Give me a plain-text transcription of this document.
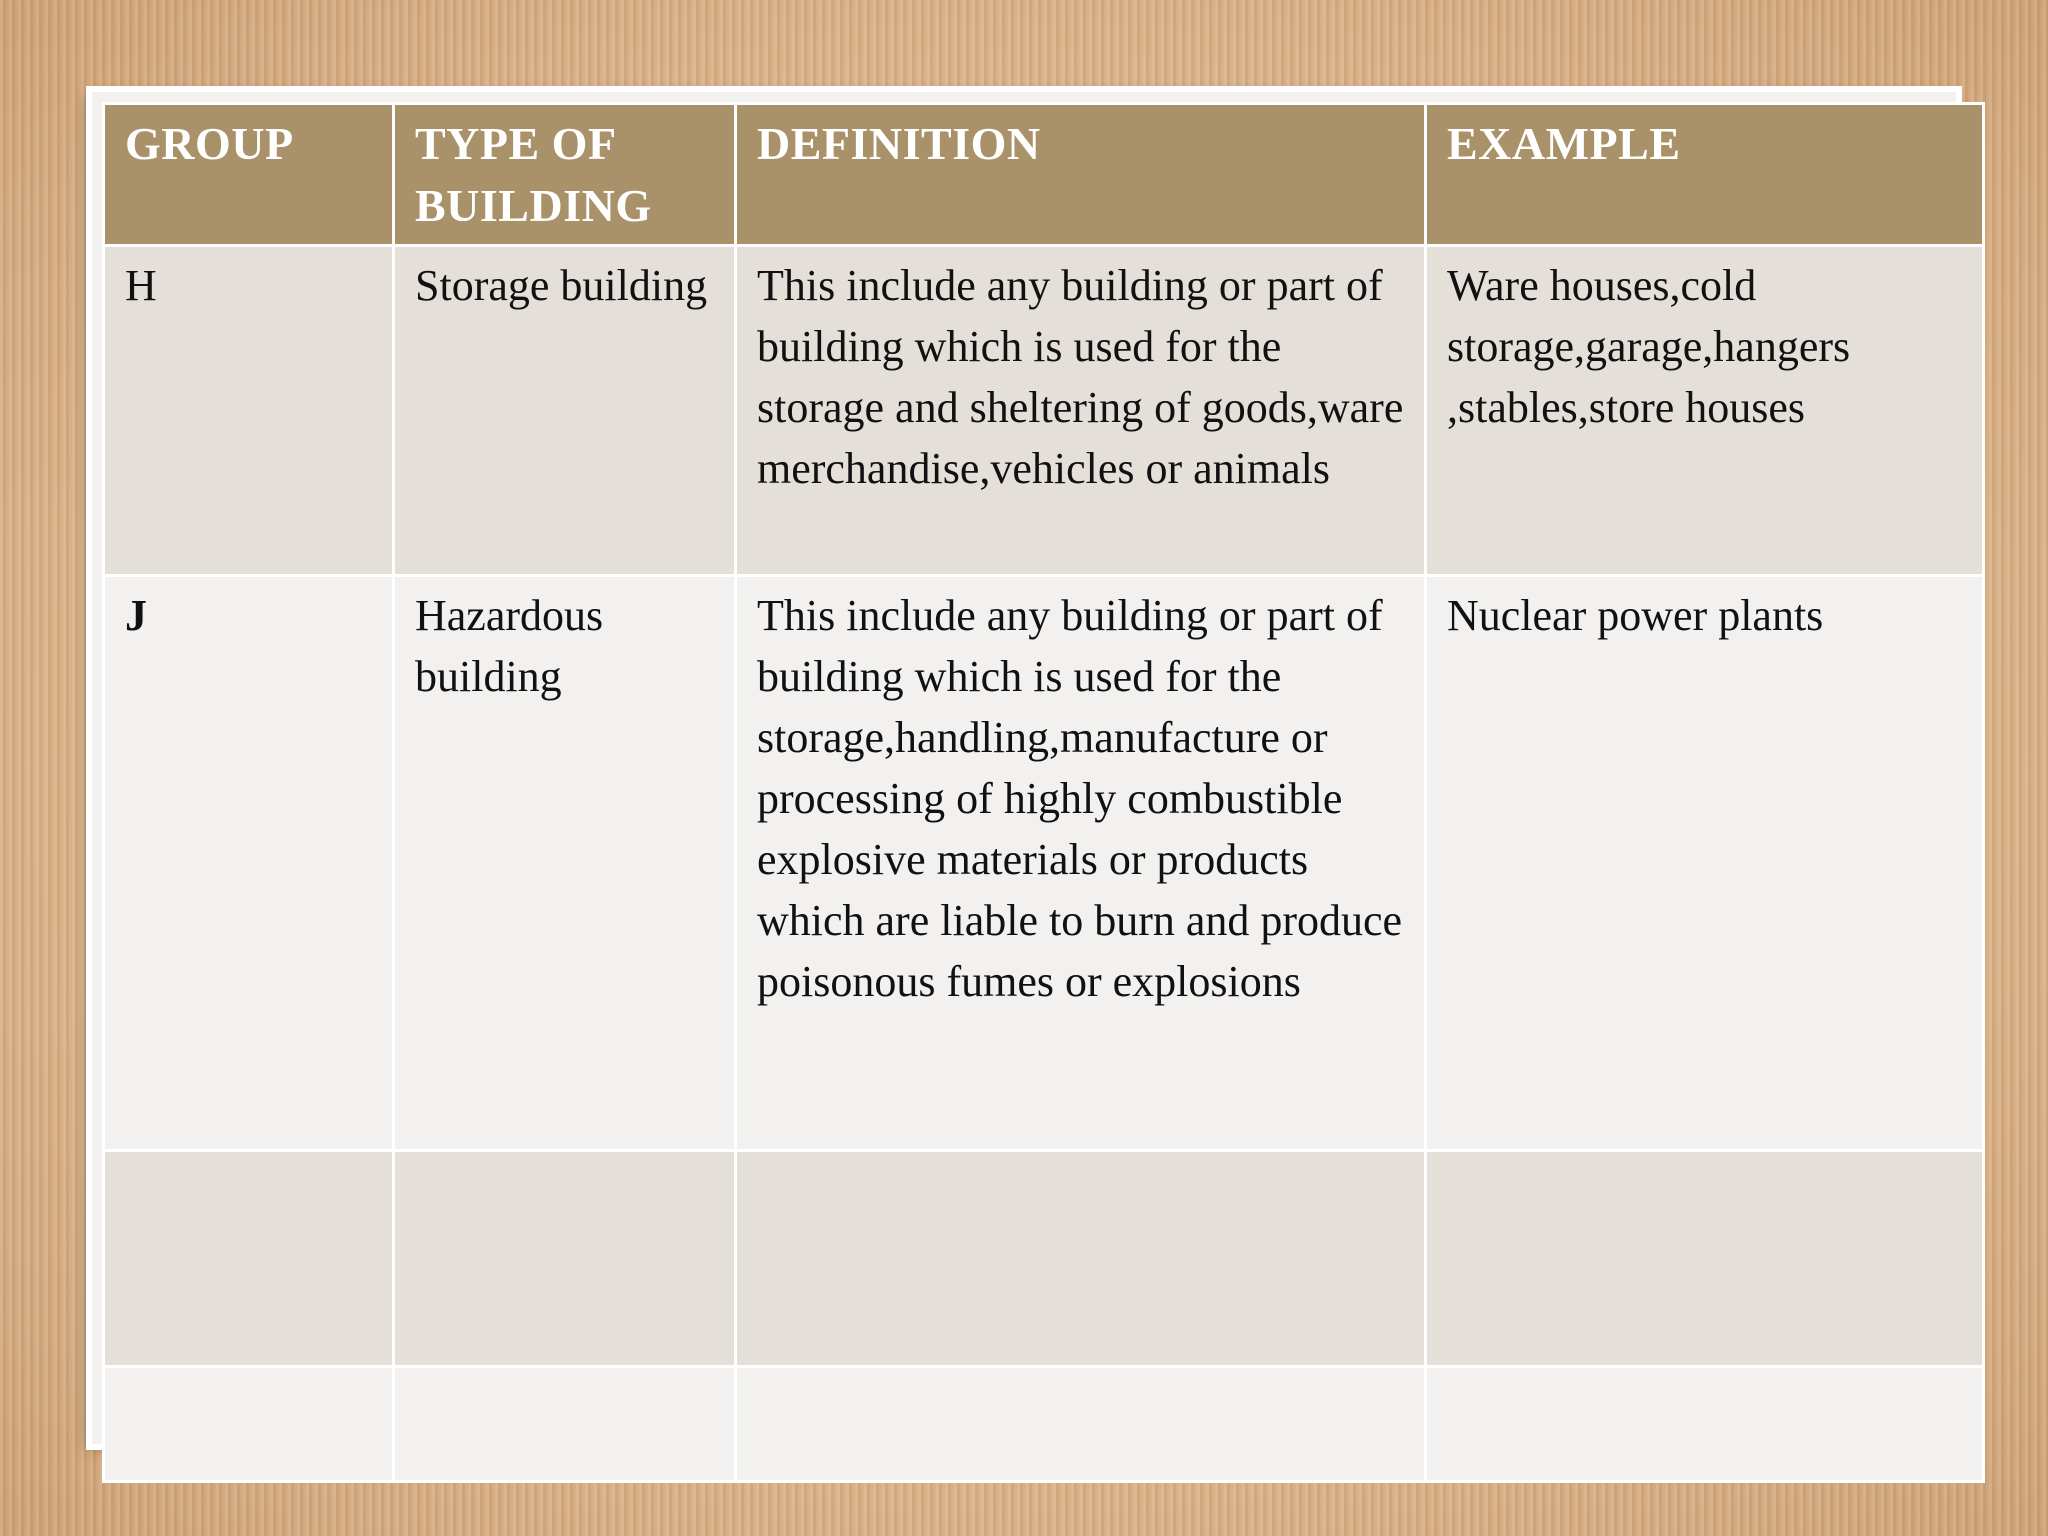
GROUP	TYPE OF BUILDING	DEFINITION	EXAMPLE
H	Storage building	This include any building or part of building which is used for the storage and sheltering of goods,ware merchandise,vehicles or animals	Ware houses,cold storage,garage,hangers ,stables,store houses
J	Hazardous building	This include any building or part of building which is used for the storage,handling,manufacture or processing of highly combustible explosive materials or products which are liable to burn and produce poisonous fumes or explosions	Nuclear power plants
